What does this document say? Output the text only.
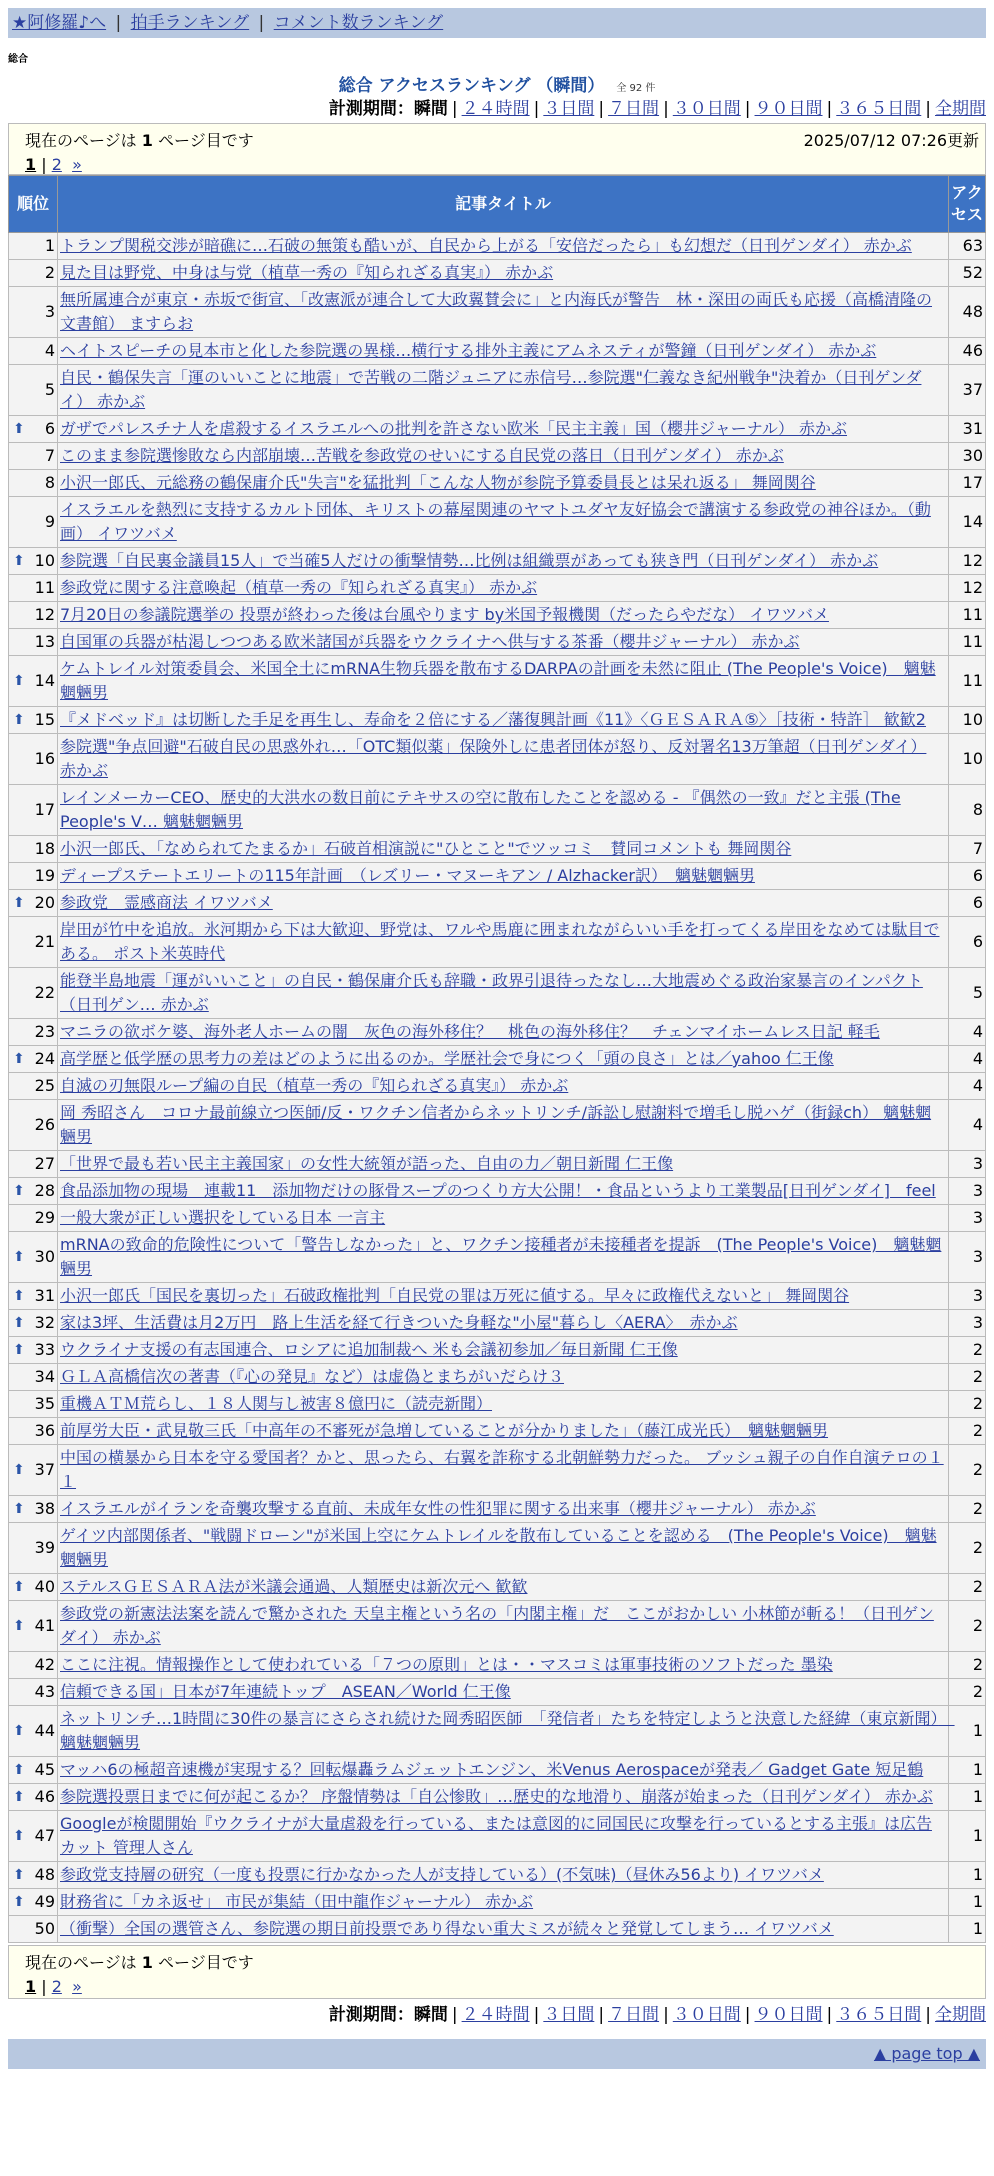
★阿修羅♪へ | 拍手ランキング | コメント数ランキング
総合
総合 アクセスランキング （瞬間） 全 92 件
計測期間：瞬間 | ２４時間 | ３日間 | ７日間 | ３０日間 | ９０日間 | ３６５日間 | 全期間
現在のページは 1 ページ目です	2025/07/12 07:26更新
1 | 2 »
順位	記事タイトル	アクセス
1	トランプ関税交渉が暗礁に…石破の無策も酷いが、自民から上がる「安倍だったら」も幻想だ（日刊ゲンダイ） 赤かぶ	63
2	見た目は野党、中身は与党（植草一秀の『知られざる真実』） 赤かぶ	52
3	無所属連合が東京・赤坂で街宣、「改憲派が連合して大政翼賛会に」と内海氏が警告　林・深田の両氏も応援（高橋清隆の文書館） ますらお	48
4	ヘイトスピーチの見本市と化した参院選の異様…横行する排外主義にアムネスティが警鐘（日刊ゲンダイ） 赤かぶ	46
5	自民・鶴保失言「運のいいことに地震」で苦戦の二階ジュニアに赤信号…参院選"仁義なき紀州戦争"決着か（日刊ゲンダイ） 赤かぶ	37

⬆ 6	ガザでパレスチナ人を虐殺するイスラエルへの批判を許さない欧米「民主主義」国（櫻井ジャーナル） 赤かぶ	31
7	このまま参院選惨敗なら内部崩壊…苦戦を参政党のせいにする自民党の落日（日刊ゲンダイ） 赤かぶ	30
8	小沢一郎氏、元総務の鶴保庸介氏"失言"を猛批判「こんな人物が参院予算委員長とは呆れ返る」 舞岡関谷	17
9	イスラエルを熱烈に支持するカルト団体、キリストの幕屋関連のヤマトユダヤ友好協会で講演する参政党の神谷ほか。（動画） イワツバメ	14

⬆ 10	参院選「自民裏金議員15人」で当確5人だけの衝撃情勢…比例は組織票があっても狭き門（日刊ゲンダイ） 赤かぶ	12
11	参政党に関する注意喚起（植草一秀の『知られざる真実』） 赤かぶ	12
12	7月20日の参議院選挙の 投票が終わった後は台風やります by米国予報機関（だったらやだな） イワツバメ	11
13	自国軍の兵器が枯渇しつつある欧米諸国が兵器をウクライナへ供与する茶番（櫻井ジャーナル） 赤かぶ	11

⬆ 14	ケムトレイル対策委員会、米国全土にmRNA生物兵器を散布するDARPAの計画を未然に阻止 (The People's Voice)　魑魅魍魎男	11

⬆ 15	『メドベッド』は切断した手足を再生し、寿命を２倍にする／藩復興計画《11》〈ＧＥＳＡＲＡ⑤〉［技術・特許］ 歓歓2	10
16	参院選"争点回避"石破自民の思惑外れ…「OTC類似薬」保険外しに患者団体が怒り、反対署名13万筆超（日刊ゲンダイ） 赤かぶ	10
17	レインメーカーCEO、歴史的大洪水の数日前にテキサスの空に散布したことを認める - 『偶然の一致』だと主張 (The People's V… 魑魅魍魎男	8
18	小沢一郎氏、「なめられてたまるか」石破首相演説に"ひとこと"でツッコミ　賛同コメントも 舞岡関谷	7
19	ディープステートエリートの115年計画　（レズリー・マヌーキアン / Alzhacker訳）　魑魅魍魎男	6

⬆ 20	参政党　霊感商法 イワツバメ	6
21	岸田が竹中を追放。氷河期から下は大歓迎、野党は、ワルや馬鹿に囲まれながらいい手を打ってくる岸田をなめては駄目である。 ポスト米英時代	6
22	能登半島地震「運がいいこと」の自民・鶴保庸介氏も辞職・政界引退待ったなし…大地震めぐる政治家暴言のインパクト（日刊ゲン… 赤かぶ	5
23	マニラの欲ボケ婆、海外老人ホームの闇　灰色の海外移住？　桃色の海外移住？　チェンマイホームレス日記 軽毛	4

⬆ 24	高学歴と低学歴の思考力の差はどのように出るのか。学歴社会で身につく「頭の良さ」とは／yahoo 仁王像	4
25	自滅の刃無限ループ編の自民（植草一秀の『知られざる真実』） 赤かぶ	4
26	岡 秀昭さん　コロナ最前線立つ医師/反・ワクチン信者からネットリンチ/訴訟し慰謝料で増毛し脱ハゲ（街録ch） 魑魅魍魎男	4
27	「世界で最も若い民主主義国家」の女性大統領が語った、自由の力／朝日新聞 仁王像	3

⬆ 28	食品添加物の現場　連載11　添加物だけの豚骨スープのつくり方大公開！・食品というより工業製品[日刊ゲンダイ]　feel	3
29	一般大衆が正しい選択をしている日本 一言主	3

⬆ 30	mRNAの致命的危険性について「警告しなかった」と、ワクチン接種者が未接種者を提訴　(The People's Voice)　魑魅魍魎男	3

⬆ 31	小沢一郎氏「国民を裏切った」石破政権批判「自民党の罪は万死に値する。早々に政権代えないと」 舞岡関谷	3

⬆ 32	家は3坪、生活費は月2万円　路上生活を経て行きついた身軽な"小屋"暮らし〈AERA〉　赤かぶ	3

⬆ 33	ウクライナ支援の有志国連合、ロシアに追加制裁へ 米も会議初参加／毎日新聞 仁王像	2
34	ＧＬＡ高橋信次の著書（『心の発見』など）は虚偽とまちがいだらけ３	2
35	重機ＡＴＭ荒らし、１８人関与し被害８億円に（読売新聞）	2
36	前厚労大臣・武見敬三氏「中高年の不審死が急増していることが分かりました」（藤江成光氏）　魑魅魍魎男	2

⬆ 37	中国の横暴から日本を守る愛国者？かと、思ったら、右翼を詐称する北朝鮮勢力だった。 ブッシュ親子の自作自演テロの１１	2

⬆ 38	イスラエルがイランを奇襲攻撃する直前、未成年女性の性犯罪に関する出来事（櫻井ジャーナル） 赤かぶ	2
39	ゲイツ内部関係者、"戦闘ドローン"が米国上空にケムトレイルを散布していることを認める　(The People's Voice)　魑魅魍魎男	2

⬆ 40	ステルスＧＥＳＡＲＡ法が米議会通過、人類歴史は新次元へ 歓歓	2

⬆ 41	参政党の新憲法法案を読んで驚かされた 天皇主権という名の「内閣主権」だ　ここがおかしい 小林節が斬る！（日刊ゲンダイ） 赤かぶ	2
42	ここに注視。情報操作として使われている「７つの原則」とは・・マスコミは軍事技術のソフトだった 墨染	2
43	信頼できる国」日本が7年連続トップ　ASEAN／World 仁王像	2

⬆ 44	ネットリンチ…1時間に30件の暴言にさらされ続けた岡秀昭医師　「発信者」たちを特定しようと決意した経緯（東京新聞）　魑魅魍魎男	1

⬆ 45	マッハ6の極超音速機が実現する？回転爆轟ラムジェットエンジン、米Venus Aerospaceが発表／ Gadget Gate 短足鶴	1

⬆ 46	参院選投票日までに何が起こるか？ 序盤情勢は「自公惨敗」…歴史的な地滑り、崩落が始まった（日刊ゲンダイ） 赤かぶ	1

⬆ 47	Googleが検閲開始『ウクライナが大量虐殺を行っている、または意図的に同国民に攻撃を行っているとする主張』は広告カット 管理人さん	1

⬆ 48	参政党支持層の研究（一度も投票に行かなかった人が支持している）(不気味)（昼休み56より) イワツバメ	1

⬆ 49	財務省に「カネ返せ」 市民が集結（田中龍作ジャーナル） 赤かぶ	1
50	（衝撃）全国の選管さん、参院選の期日前投票であり得ない重大ミスが続々と発覚してしまう… イワツバメ	1
現在のページは 1 ページ目です
1 | 2 »
計測期間：瞬間 | ２４時間 | ３日間 | ７日間 | ３０日間 | ９０日間 | ３６５日間 | 全期間
▲ page top ▲
